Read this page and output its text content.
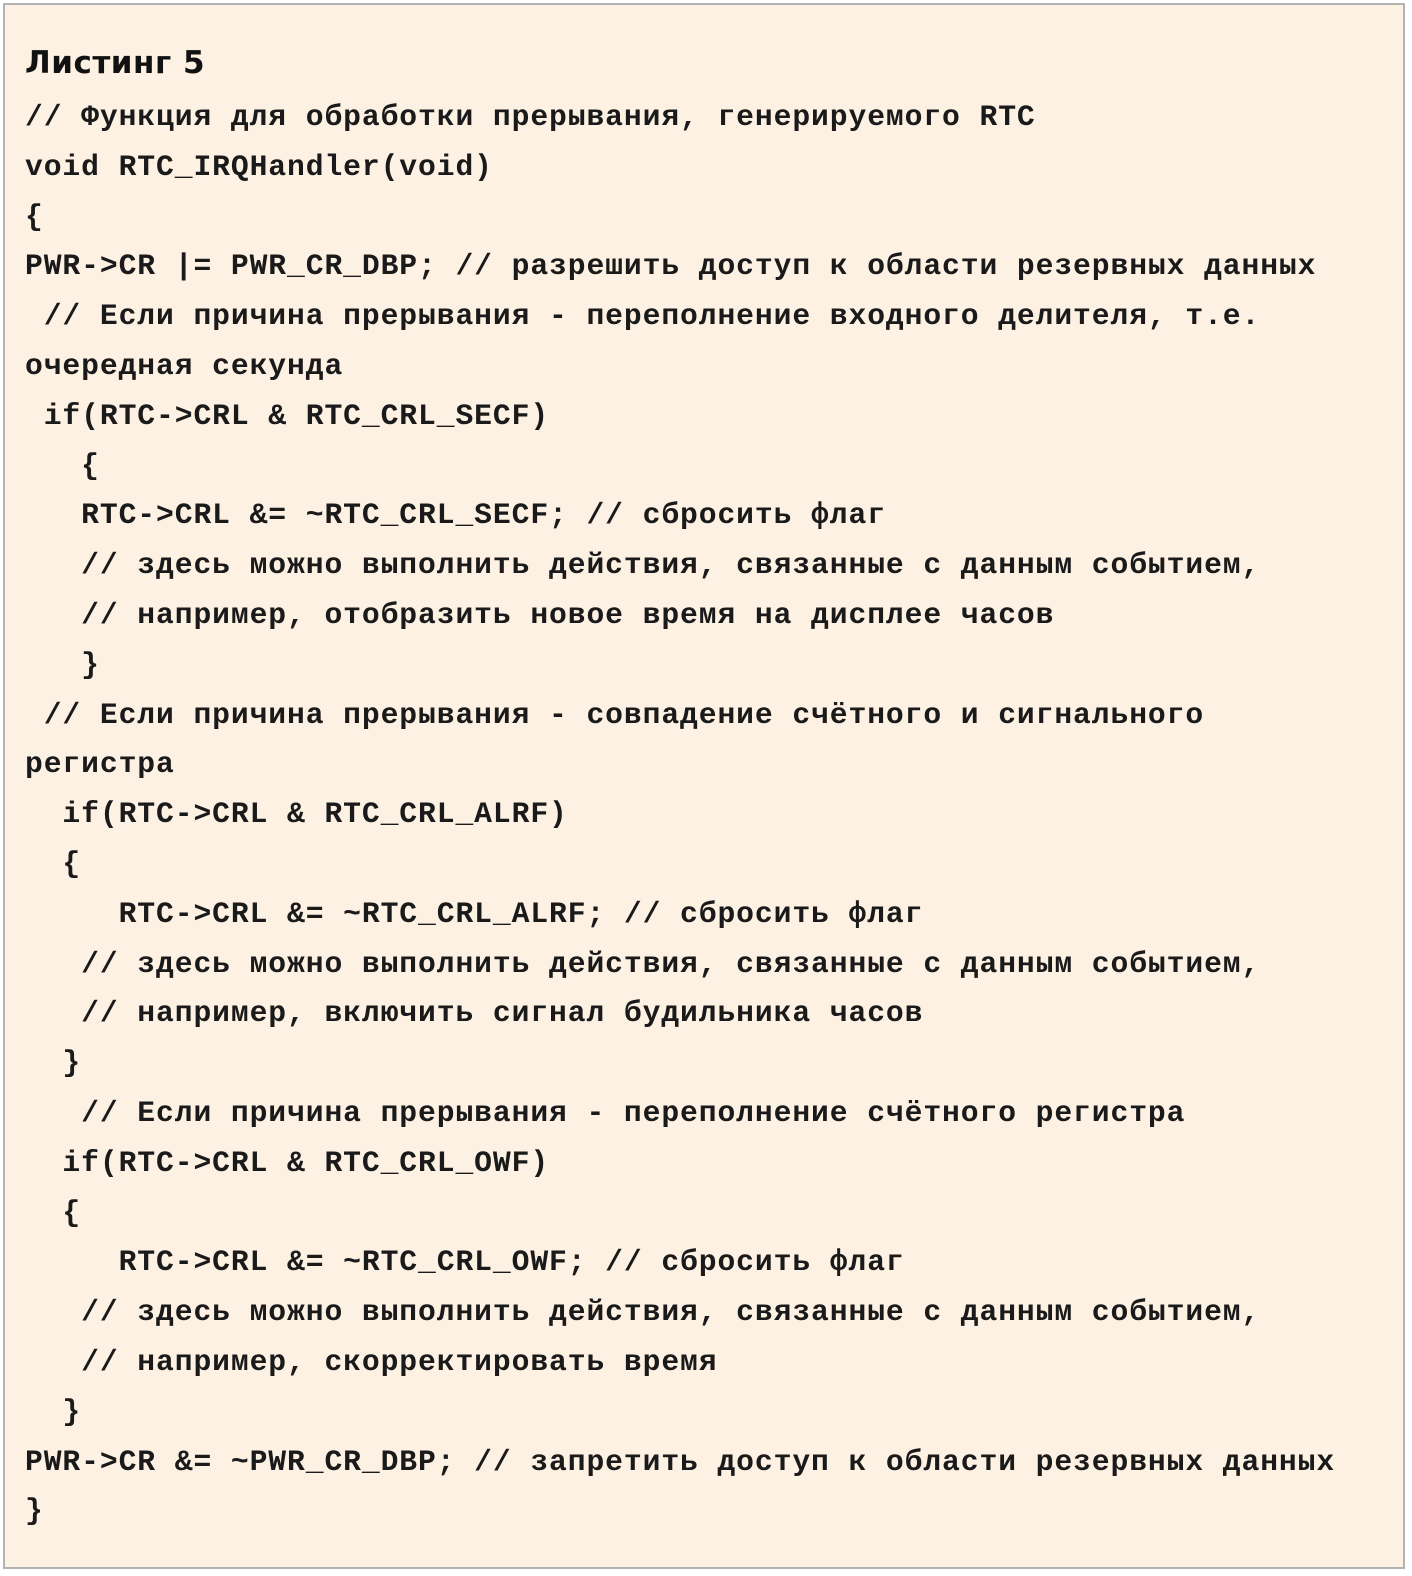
Листинг 5
// Функция для обработки прерывания, генерируемого RTC
void RTC_IRQHandler(void)
{
PWR->CR |= PWR_CR_DBP; // разрешить доступ к области резервных данных
// Если причина прерывания - переполнение входного делителя, т.е.
очередная секунда
if(RTC->CRL & RTC_CRL_SECF)
{
RTC->CRL &= ~RTC_CRL_SECF; // сбросить флаг
// здесь можно выполнить действия, связанные с данным событием,
// например, отобразить новое время на дисплее часов
}
// Если причина прерывания - совпадение счётного и сигнального
регистра
if(RTC->CRL & RTC_CRL_ALRF)
{
RTC->CRL &= ~RTC_CRL_ALRF; // сбросить флаг
// здесь можно выполнить действия, связанные с данным событием,
// например, включить сигнал будильника часов
}
// Если причина прерывания - переполнение счётного регистра
if(RTC->CRL & RTC_CRL_OWF)
{
RTC->CRL &= ~RTC_CRL_OWF; // сбросить флаг
// здесь можно выполнить действия, связанные с данным событием,
// например, скорректировать время
}
PWR->CR &= ~PWR_CR_DBP; // запретить доступ к области резервных данных
}
